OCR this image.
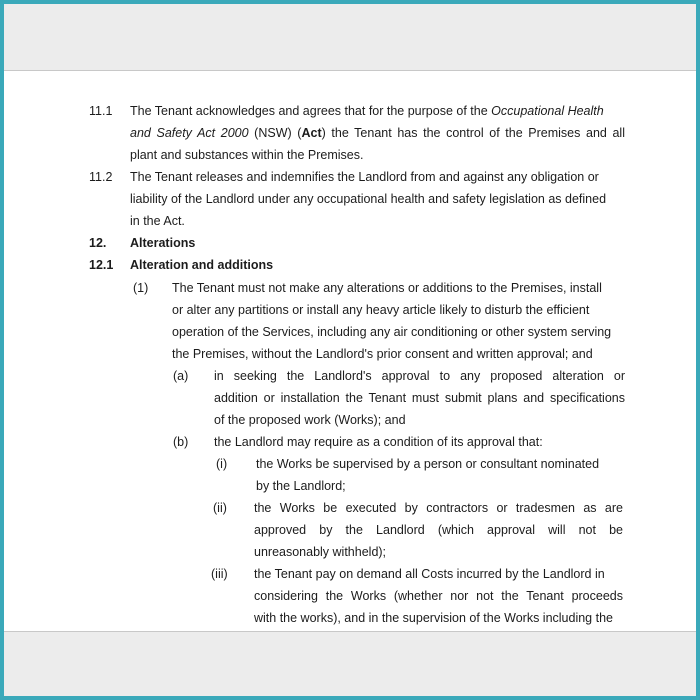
11.1 The Tenant acknowledges and agrees that for the purpose of the Occupational Health
and Safety Act 2000 (NSW) (Act) the Tenant has the control of the Premises and all
plant and substances within the Premises.
11.2 The Tenant releases and indemnifies the Landlord from and against any obligation or
liability of the Landlord under any occupational health and safety legislation as defined
in the Act.
12. Alterations
12.1 Alteration and additions
(1) The Tenant must not make any alterations or additions to the Premises, install
or alter any partitions or install any heavy article likely to disturb the efficient
operation of the Services, including any air conditioning or other system serving
the Premises, without the Landlord's prior consent and written approval; and
(a) in seeking the Landlord's approval to any proposed alteration or
addition or installation the Tenant must submit plans and specifications
of the proposed work (Works); and
(b) the Landlord may require as a condition of its approval that:
(i) the Works be supervised by a person or consultant nominated
by the Landlord;
(ii) the Works be executed by contractors or tradesmen as are
approved by the Landlord (which approval will not be
unreasonably withheld);
(iii) the Tenant pay on demand all Costs incurred by the Landlord in
considering the Works (whether nor not the Tenant proceeds
with the works), and in the supervision of the Works including the
